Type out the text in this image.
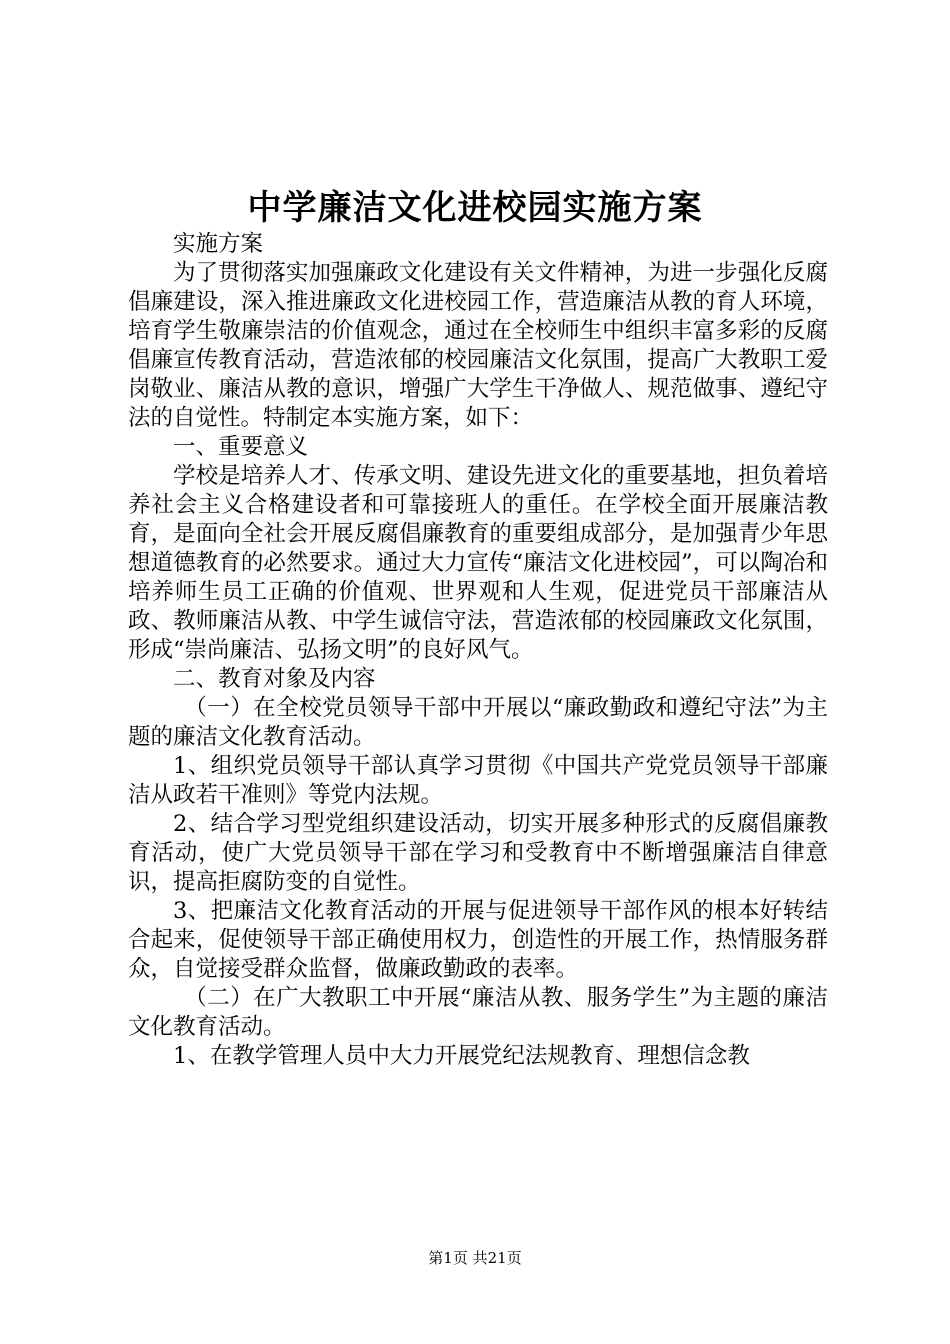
中学廉洁文化进校园实施方案

实施方案

为了贯彻落实加强廉政文化建设有关文件精神，为进一步强化反腐倡廉建设，深入推进廉政文化进校园工作，营造廉洁从教的育人环境，培育学生敬廉崇洁的价值观念，通过在全校师生中组织丰富多彩的反腐倡廉宣传教育活动，营造浓郁的校园廉洁文化氛围，提高广大教职工爱岗敬业、廉洁从教的意识，增强广大学生干净做人、规范做事、遵纪守法的自觉性。特制定本实施方案，如下：

一、重要意义

学校是培养人才、传承文明、建设先进文化的重要基地，担负着培养社会主义合格建设者和可靠接班人的重任。在学校全面开展廉洁教育，是面向全社会开展反腐倡廉教育的重要组成部分，是加强青少年思想道德教育的必然要求。通过大力宣传“廉洁文化进校园”，可以陶冶和培养师生员工正确的价值观、世界观和人生观，促进党员干部廉洁从政、教师廉洁从教、中学生诚信守法，营造浓郁的校园廉政文化氛围，形成“崇尚廉洁、弘扬文明”的良好风气。

二、教育对象及内容

（一）在全校党员领导干部中开展以“廉政勤政和遵纪守法”为主题的廉洁文化教育活动。

1、组织党员领导干部认真学习贯彻《中国共产党党员领导干部廉洁从政若干准则》等党内法规。

2、结合学习型党组织建设活动，切实开展多种形式的反腐倡廉教育活动，使广大党员领导干部在学习和受教育中不断增强廉洁自律意识，提高拒腐防变的自觉性。

3、把廉洁文化教育活动的开展与促进领导干部作风的根本好转结合起来，促使领导干部正确使用权力，创造性的开展工作，热情服务群众，自觉接受群众监督，做廉政勤政的表率。

（二）在广大教职工中开展“廉洁从教、服务学生”为主题的廉洁文化教育活动。

1、在教学管理人员中大力开展党纪法规教育、理想信念教

第1页 共21页
